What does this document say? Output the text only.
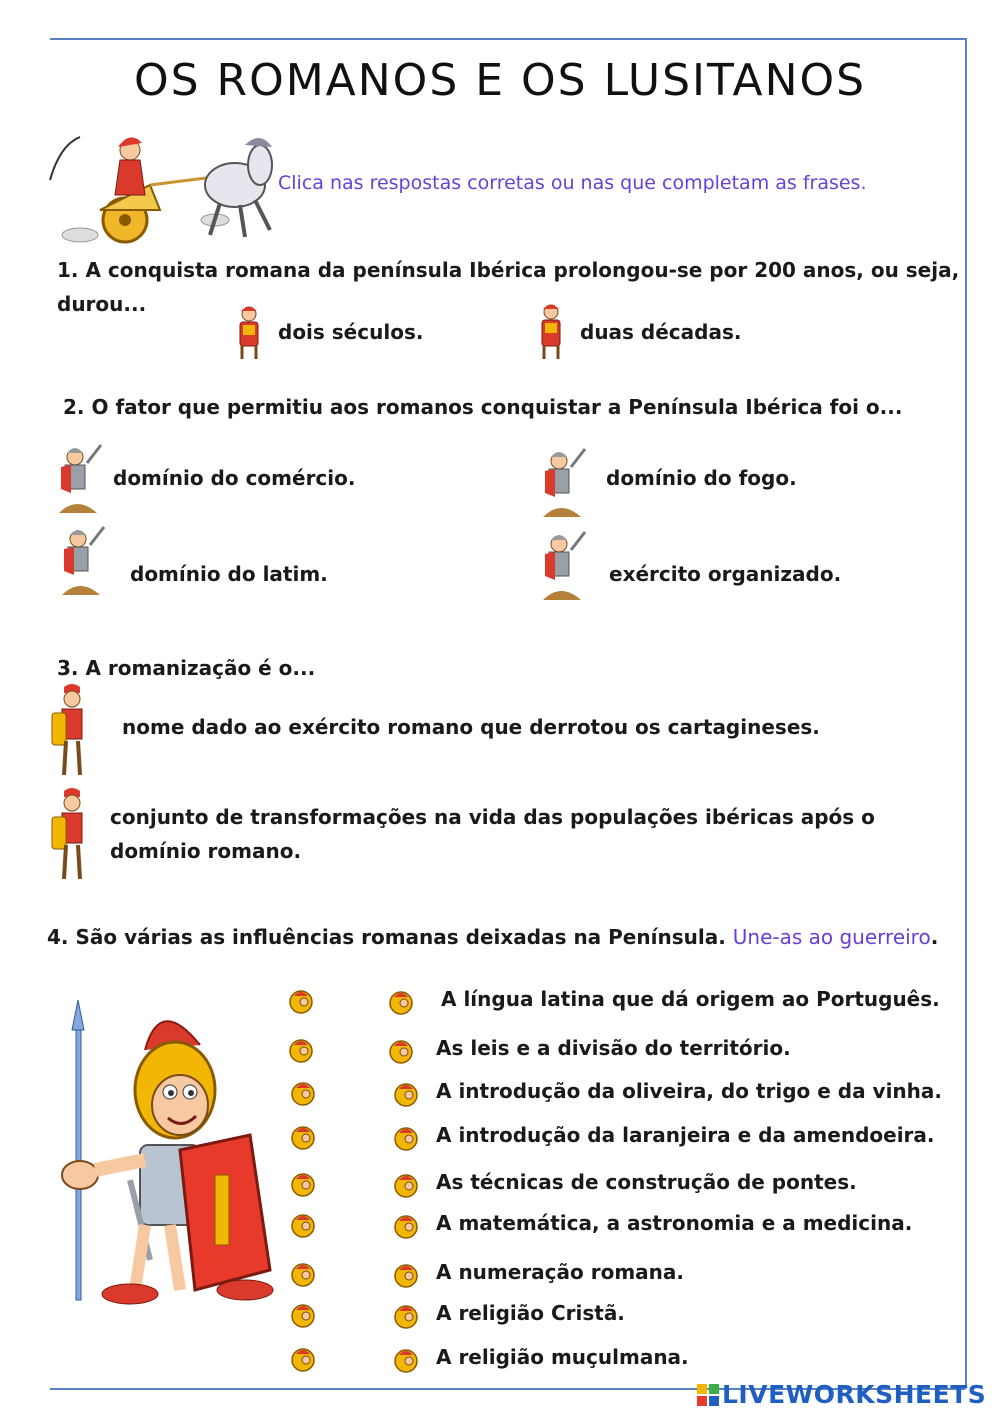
OS ROMANOS E OS LUSITANOS
Clica nas respostas corretas ou nas que completam as frases.
1. A conquista romana da península Ibérica prolongou-se por 200 anos, ou seja,
durou...
dois séculos.	duas décadas.
2. O fator que permitiu aos romanos conquistar a Península Ibérica foi o...
domínio do comércio.	domínio do fogo.
domínio do latim.	exército organizado.
3. A romanização é o...
nome dado ao exército romano que derrotou os cartagineses.
conjunto de transformações na vida das populações ibéricas após o
domínio romano.
4. São várias as influências romanas deixadas na Península. Une-as ao guerreiro.
A língua latina que dá origem ao Português.
As leis e a divisão do território.
A introdução da oliveira, do trigo e da vinha.
A introdução da laranjeira e da amendoeira.
As técnicas de construção de pontes.
A matemática, a astronomia e a medicina.
A numeração romana.
A religião Cristã.
A religião muçulmana.
LIVEWORKSHEETS
